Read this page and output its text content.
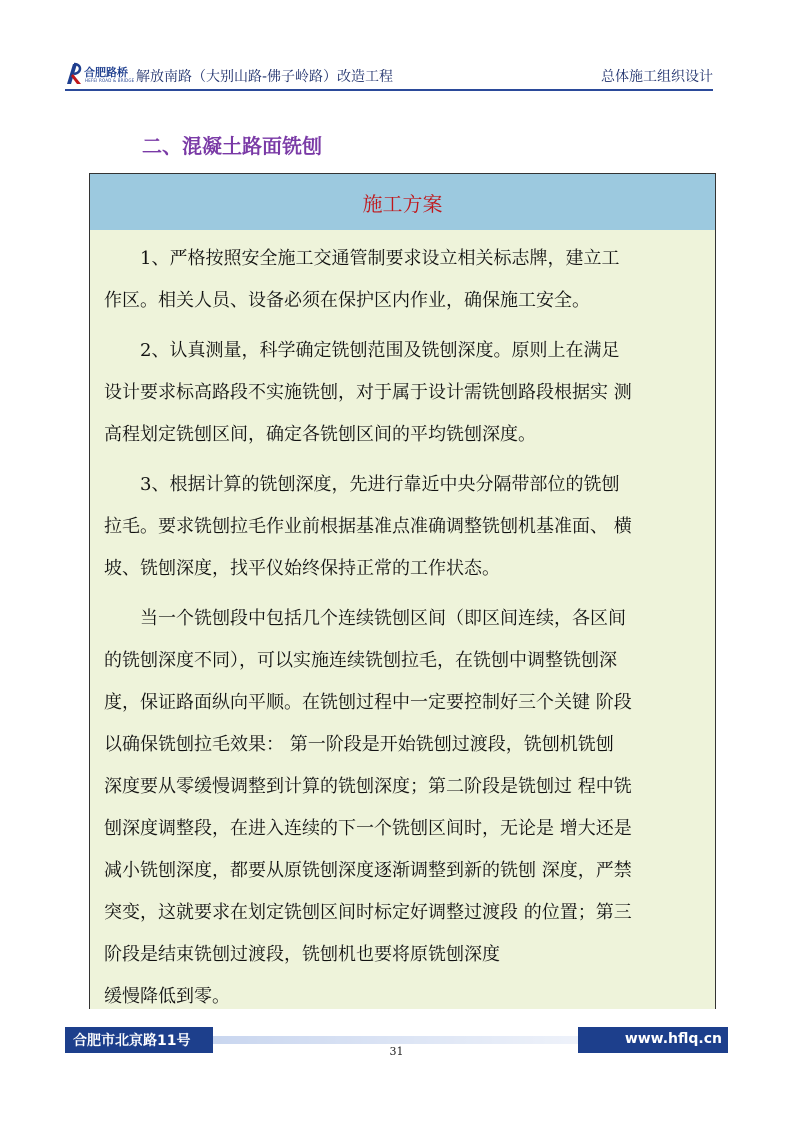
合肥路桥
HEFEI ROAD & BRIDGE 解放南路（大别山路-佛子岭路）改造工程	总体施工组织设计
二、混凝土路面铣刨
施工方案

　　1、严格按照安全施工交通管制要求设立相关标志牌，建立工

作区。相关人员、设备必须在保护区内作业，确保施工安全。

　　2、认真测量，科学确定铣刨范围及铣刨深度。原则上在满足

设计要求标高路段不实施铣刨，对于属于设计需铣刨路段根据实 测

高程划定铣刨区间，确定各铣刨区间的平均铣刨深度。

　　3、根据计算的铣刨深度，先进行靠近中央分隔带部位的铣刨

拉毛。要求铣刨拉毛作业前根据基准点准确调整铣刨机基准面、 横

坡、铣刨深度，找平仪始终保持正常的工作状态。

　　当一个铣刨段中包括几个连续铣刨区间（即区间连续，各区间

的铣刨深度不同），可以实施连续铣刨拉毛，在铣刨中调整铣刨深

度，保证路面纵向平顺。在铣刨过程中一定要控制好三个关键 阶段

以确保铣刨拉毛效果： 第一阶段是开始铣刨过渡段，铣刨机铣刨

深度要从零缓慢调整到计算的铣刨深度；第二阶段是铣刨过 程中铣

刨深度调整段，在进入连续的下一个铣刨区间时，无论是 增大还是

减小铣刨深度，都要从原铣刨深度逐渐调整到新的铣刨 深度，严禁

突变，这就要求在划定铣刨区间时标定好调整过渡段 的位置；第三

阶段是结束铣刨过渡段，铣刨机也要将原铣刨深度

缓慢降低到零。

合肥市北京路11号	www.hflq.cn
31
